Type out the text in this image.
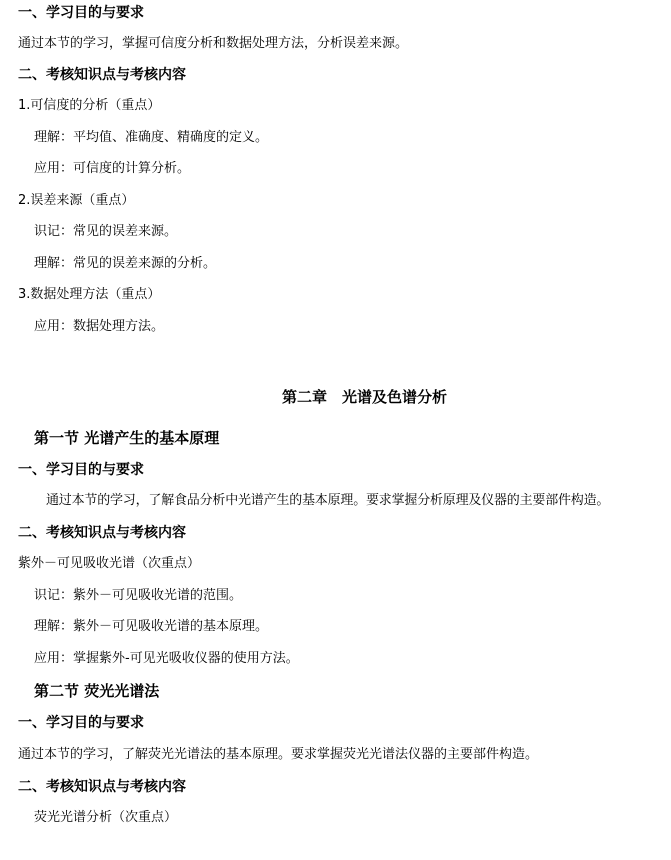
一、学习目的与要求
通过本节的学习，掌握可信度分析和数据处理方法，分析误差来源。
二、考核知识点与考核内容
1.可信度的分析（重点）
理解：平均值、准确度、精确度的定义。
应用：可信度的计算分析。
2.误差来源（重点）
识记：常见的误差来源。
理解：常见的误差来源的分析。
3.数据处理方法（重点）
应用：数据处理方法。
第二章　光谱及色谱分析
第一节 光谱产生的基本原理
一、学习目的与要求
通过本节的学习，了解食品分析中光谱产生的基本原理。要求掌握分析原理及仪器的主要部件构造。
二、考核知识点与考核内容
紫外－可见吸收光谱（次重点）
识记：紫外－可见吸收光谱的范围。
理解：紫外－可见吸收光谱的基本原理。
应用：掌握紫外-可见光吸收仪器的使用方法。
第二节 荧光光谱法
一、学习目的与要求
通过本节的学习，了解荧光光谱法的基本原理。要求掌握荧光光谱法仪器的主要部件构造。
二、考核知识点与考核内容
荧光光谱分析（次重点）
